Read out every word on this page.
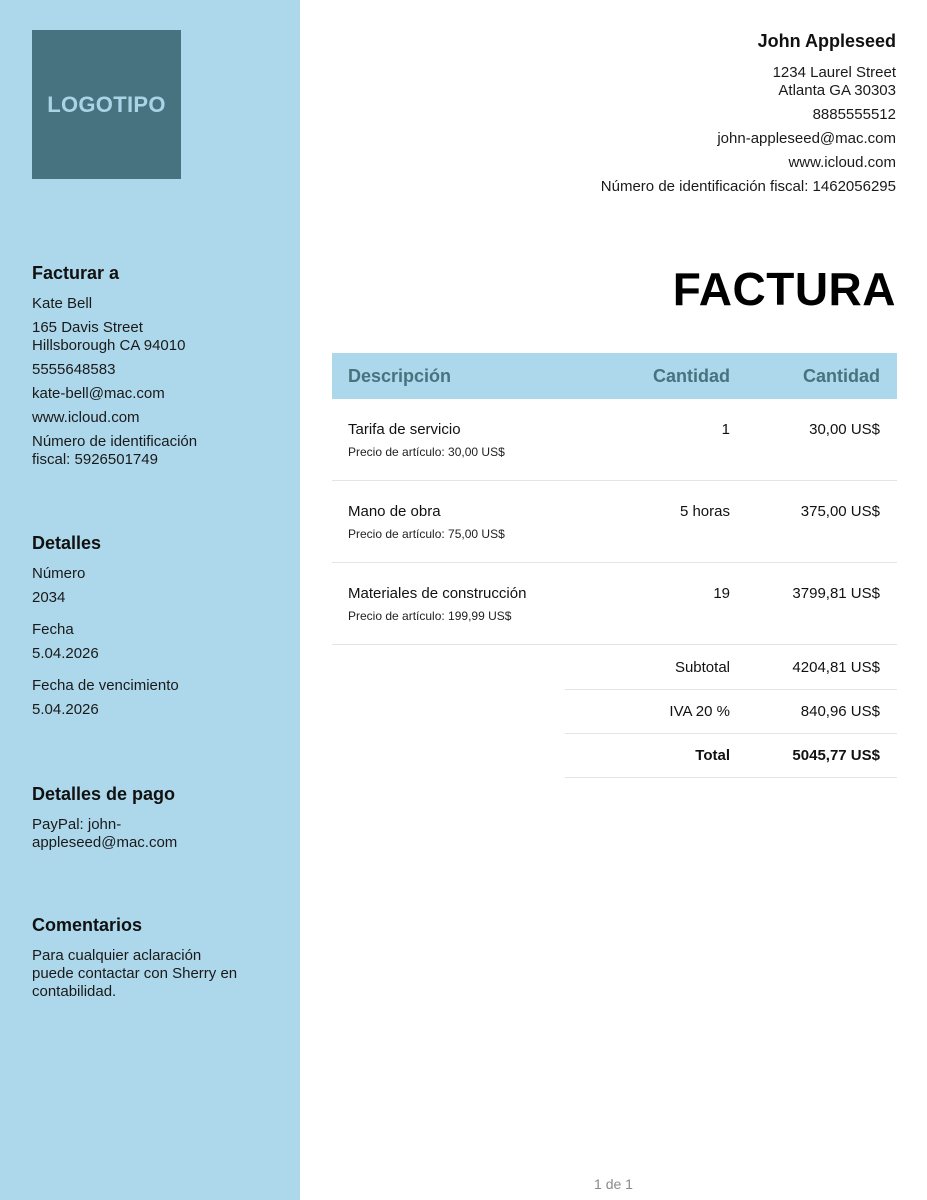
LOGOTIPO
Facturar a
Kate Bell
165 Davis Street
Hillsborough CA 94010
5555648583
kate-bell@mac.com
www.icloud.com
Número de identificación
fiscal: 5926501749
Detalles
Número
2034
Fecha
5.04.2026
Fecha de vencimiento
5.04.2026
Detalles de pago
PayPal: john-
appleseed@mac.com
Comentarios
Para cualquier aclaración
puede contactar con Sherry en
contabilidad.
John Appleseed
1234 Laurel Street
Atlanta GA 30303
8885555512
john-appleseed@mac.com
www.icloud.com
Número de identificación fiscal: 1462056295
FACTURA
Descripción	Cantidad	Cantidad
Tarifa de servicio
Precio de artículo: 30,00 US$
1	30,00 US$
Mano de obra
Precio de artículo: 75,00 US$
5 horas	375,00 US$
Materiales de construcción
Precio de artículo: 199,99 US$
19	3799,81 US$
Subtotal	4204,81 US$
IVA 20 %	840,96 US$
Total	5045,77 US$
1 de 1
